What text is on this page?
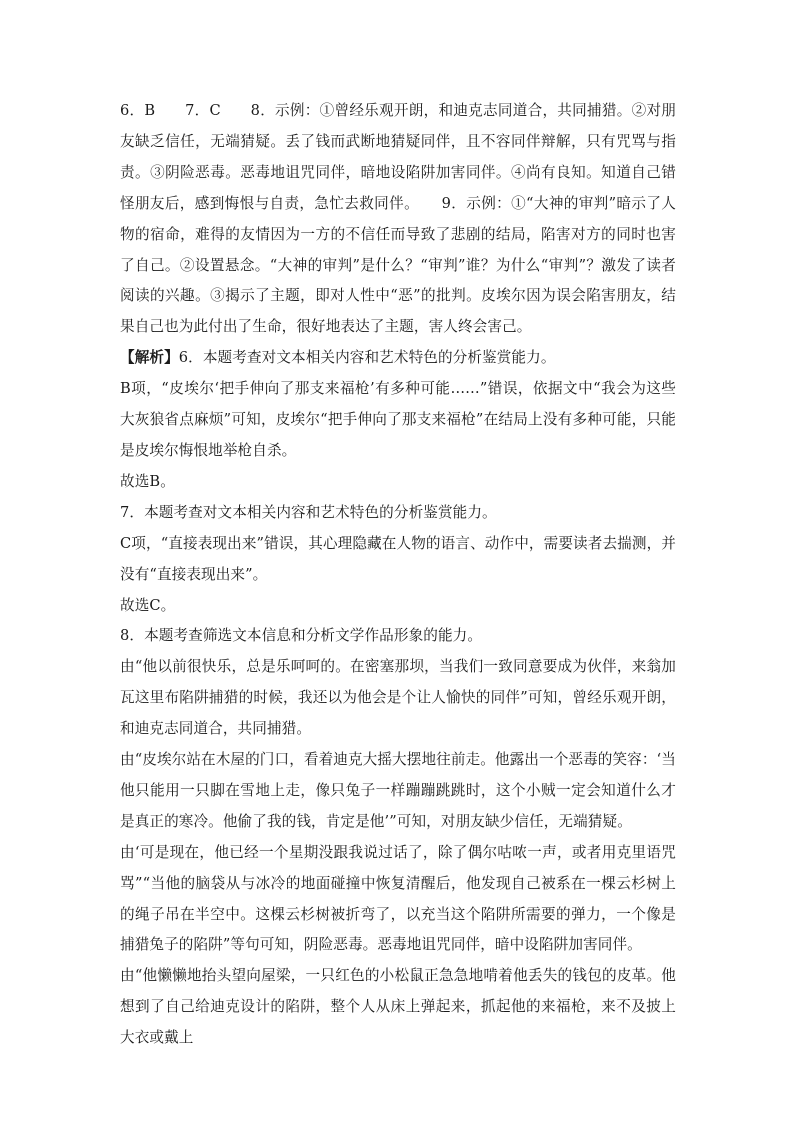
6．B　　7．C　　8．示例：①曾经乐观开朗，和迪克志同道合，共同捕猎。②对朋友缺乏信任，无端猜疑。丢了钱而武断地猜疑同伴，且不容同伴辩解，只有咒骂与指责。③阴险恶毒。恶毒地诅咒同伴，暗地设陷阱加害同伴。④尚有良知。知道自己错怪朋友后，感到悔恨与自责，急忙去救同伴。　　9．示例：①“大神的审判”暗示了人物的宿命，难得的友情因为一方的不信任而导致了悲剧的结局，陷害对方的同时也害了自己。②设置悬念。“大神的审判”是什么？“审判”谁？为什么“审判”？激发了读者阅读的兴趣。③揭示了主题，即对人性中“恶”的批判。皮埃尔因为误会陷害朋友，结果自己也为此付出了生命，很好地表达了主题，害人终会害己。

【解析】6．本题考查对文本相关内容和艺术特色的分析鉴赏能力。

B项，“皮埃尔‘把手伸向了那支来福枪’有多种可能……”错误，依据文中“我会为这些大灰狼省点麻烦”可知，皮埃尔“把手伸向了那支来福枪”在结局上没有多种可能，只能是皮埃尔悔恨地举枪自杀。

故选B。

7．本题考查对文本相关内容和艺术特色的分析鉴赏能力。

C项，“直接表现出来”错误，其心理隐藏在人物的语言、动作中，需要读者去揣测，并没有“直接表现出来”。

故选C。

8．本题考查筛选文本信息和分析文学作品形象的能力。

由“他以前很快乐，总是乐呵呵的。在密塞那坝，当我们一致同意要成为伙伴，来翁加瓦这里布陷阱捕猎的时候，我还以为他会是个让人愉快的同伴”可知，曾经乐观开朗，和迪克志同道合，共同捕猎。

由“皮埃尔站在木屋的门口，看着迪克大摇大摆地往前走。他露出一个恶毒的笑容：‘当他只能用一只脚在雪地上走，像只兔子一样蹦蹦跳跳时，这个小贼一定会知道什么才是真正的寒冷。他偷了我的钱，肯定是他’”可知，对朋友缺少信任，无端猜疑。

由‘可是现在，他已经一个星期没跟我说过话了，除了偶尔咕哝一声，或者用克里语咒骂”“当他的脑袋从与冰冷的地面碰撞中恢复清醒后，他发现自己被系在一棵云杉树上的绳子吊在半空中。这棵云杉树被折弯了，以充当这个陷阱所需要的弹力，一个像是捕猎兔子的陷阱”等句可知，阴险恶毒。恶毒地诅咒同伴，暗中设陷阱加害同伴。

由“他懒懒地抬头望向屋梁，一只红色的小松鼠正急急地啃着他丢失的钱包的皮革。他想到了自己给迪克设计的陷阱，整个人从床上弹起来，抓起他的来福枪，来不及披上大衣或戴上
